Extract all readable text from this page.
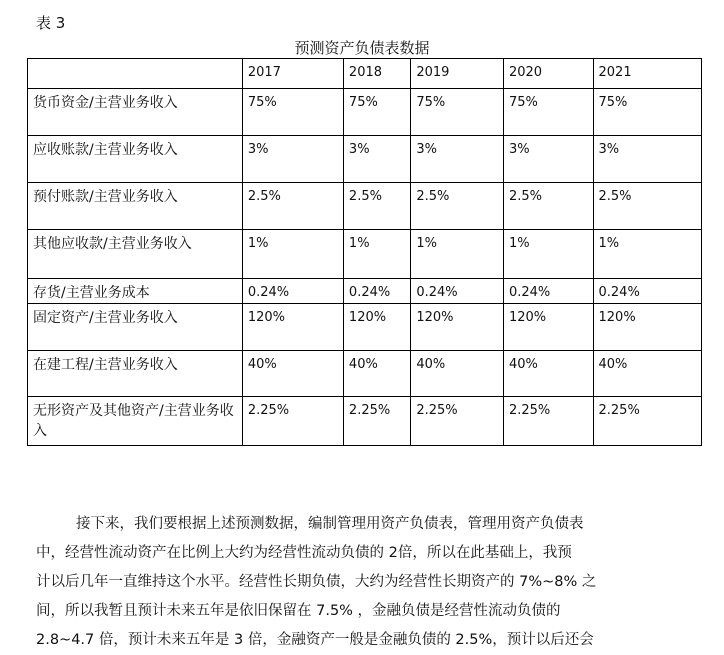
表 3
预测资产负债表数据
	2017	2018	2019	2020	2021
货币资金/主营业务收入	75%	75%	75%	75%	75%
应收账款/主营业务收入	3%	3%	3%	3%	3%
预付账款/主营业务收入	2.5%	2.5%	2.5%	2.5%	2.5%
其他应收款/主营业务收入	1%	1%	1%	1%	1%
存货/主营业务成本	0.24%	0.24%	0.24%	0.24%	0.24%
固定资产/主营业务收入	120%	120%	120%	120%	120%
在建工程/主营业务收入	40%	40%	40%	40%	40%
无形资产及其他资产/主营业务收入	2.25%	2.25%	2.25%	2.25%	2.25%
接下来，我们要根据上述预测数据，编制管理用资产负债表，管理用资产负债表
中，经营性流动资产在比例上大约为经营性流动负债的 2倍，所以在此基础上，我预
计以后几年一直维持这个水平。经营性长期负债，大约为经营性长期资产的 7%~8% 之
间，所以我暂且预计未来五年是依旧保留在 7.5% ，金融负债是经营性流动负债的
2.8~4.7 倍，预计未来五年是 3 倍，金融资产一般是金融负债的 2.5%，预计以后还会
